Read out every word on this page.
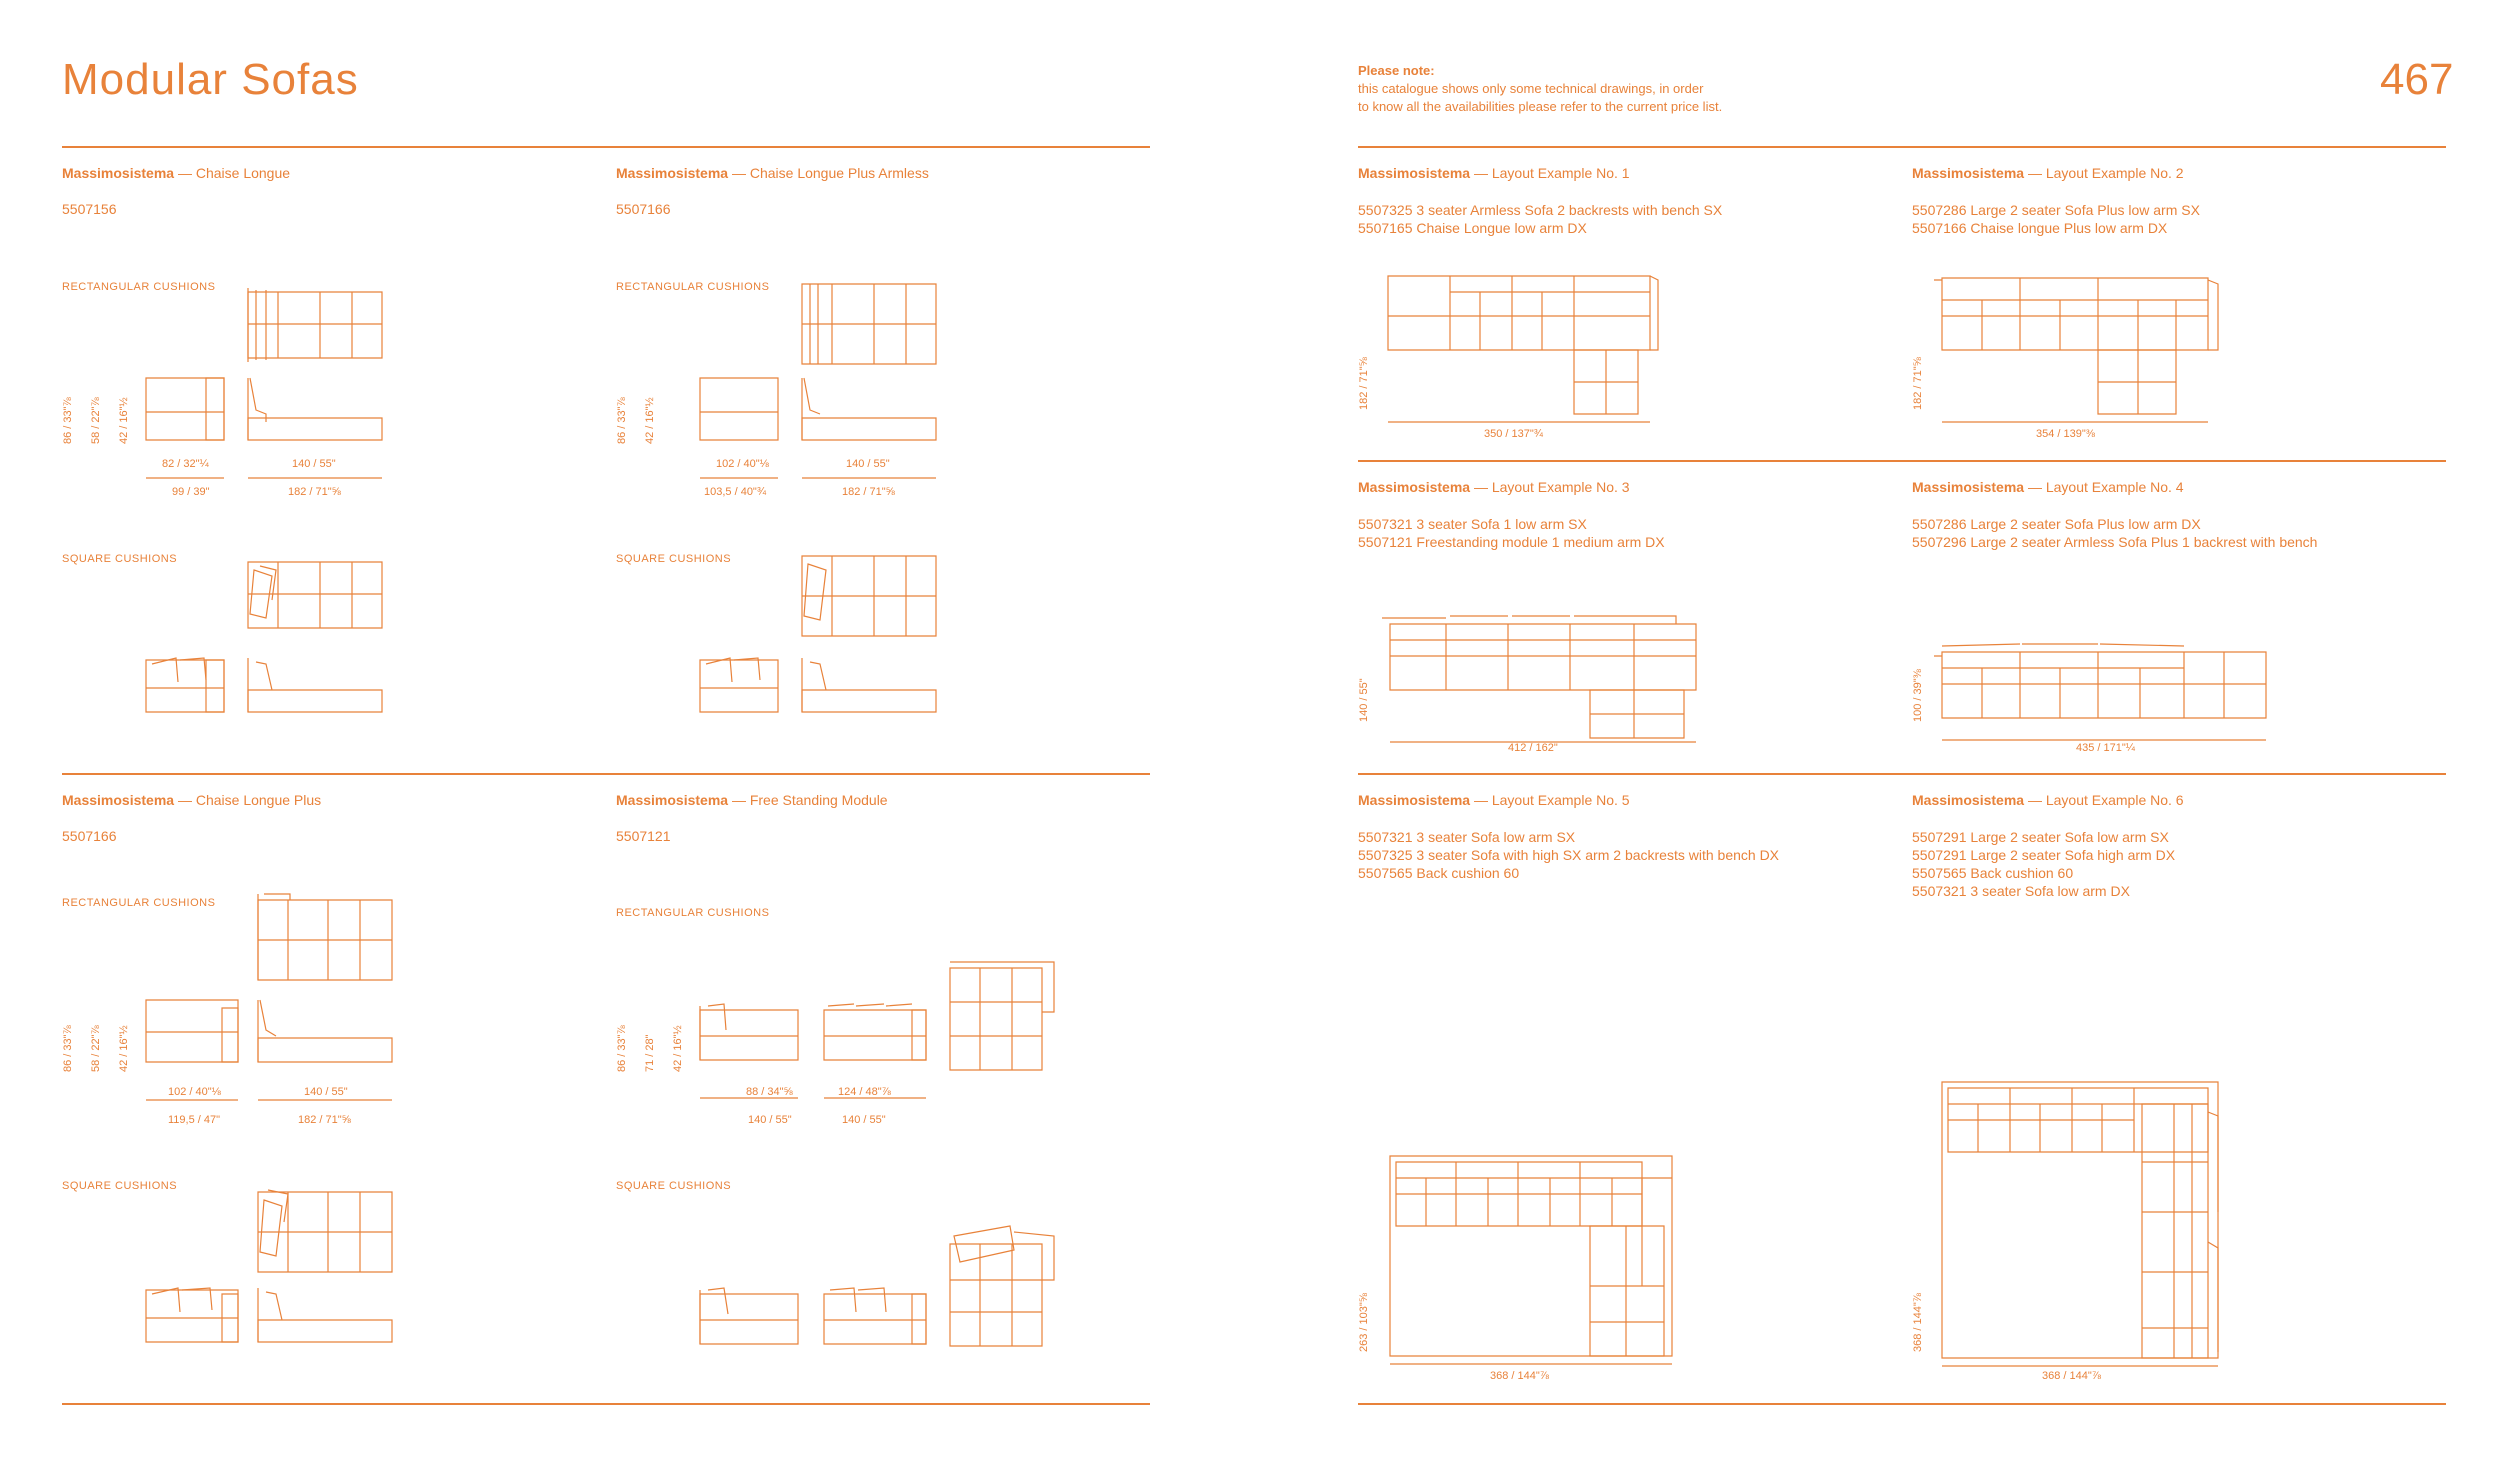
Modular Sofas
Massimosistema — Chaise Longue
5507156
RECTANGULAR CUSHIONS
SQUARE CUSHIONS
86 / 33"⅞ 58 / 22"⅞ 42 / 16"½
82 / 32"¼	140 / 55"
99 / 39"	182 / 71"⅝
Massimosistema — Chaise Longue Plus Armless
5507166
RECTANGULAR CUSHIONS
SQUARE CUSHIONS
86 / 33"⅞ 42 / 16"½
102 / 40"⅛	140 / 55"
103,5 / 40"¾	182 / 71"⅝
Massimosistema — Chaise Longue Plus
5507166
RECTANGULAR CUSHIONS
SQUARE CUSHIONS
86 / 33"⅞ 58 / 22"⅞ 42 / 16"½
102 / 40"⅛	140 / 55"
119,5 / 47"	182 / 71"⅝
Massimosistema — Free Standing Module
5507121
RECTANGULAR CUSHIONS
SQUARE CUSHIONS
86 / 33"⅞ 71 / 28" 42 / 16"½
88 / 34"⅝	124 / 48"⅞
140 / 55"	140 / 55"
Please note:
this catalogue shows only some technical drawings, in order
to know all the availabilities please refer to the current price list.
467
Massimosistema — Layout Example No. 1
5507325 3 seater Armless Sofa 2 backrests with bench SX
5507165 Chaise Longue low arm DX
182 / 71"⅝
350 / 137"¾
Massimosistema — Layout Example No. 2
5507286 Large 2 seater Sofa Plus low arm SX
5507166 Chaise longue Plus low arm DX
182 / 71"⅝
354 / 139"⅜
Massimosistema — Layout Example No. 3
5507321 3 seater Sofa 1 low arm SX
5507121 Freestanding module 1 medium arm DX
140 / 55"
412 / 162"
Massimosistema — Layout Example No. 4
5507286 Large 2 seater Sofa Plus low arm DX
5507296 Large 2 seater Armless Sofa Plus 1 backrest with bench
100 / 39"⅜
435 / 171"¼
Massimosistema — Layout Example No. 5
5507321 3 seater Sofa low arm SX
5507325 3 seater Sofa with high SX arm 2 backrests with bench DX
5507565 Back cushion 60
263 / 103"⅝
368 / 144"⅞
Massimosistema — Layout Example No. 6
5507291 Large 2 seater Sofa low arm SX
5507291 Large 2 seater Sofa high arm DX
5507565 Back cushion 60
5507321 3 seater Sofa low arm DX
368 / 144"⅞
368 / 144"⅞
